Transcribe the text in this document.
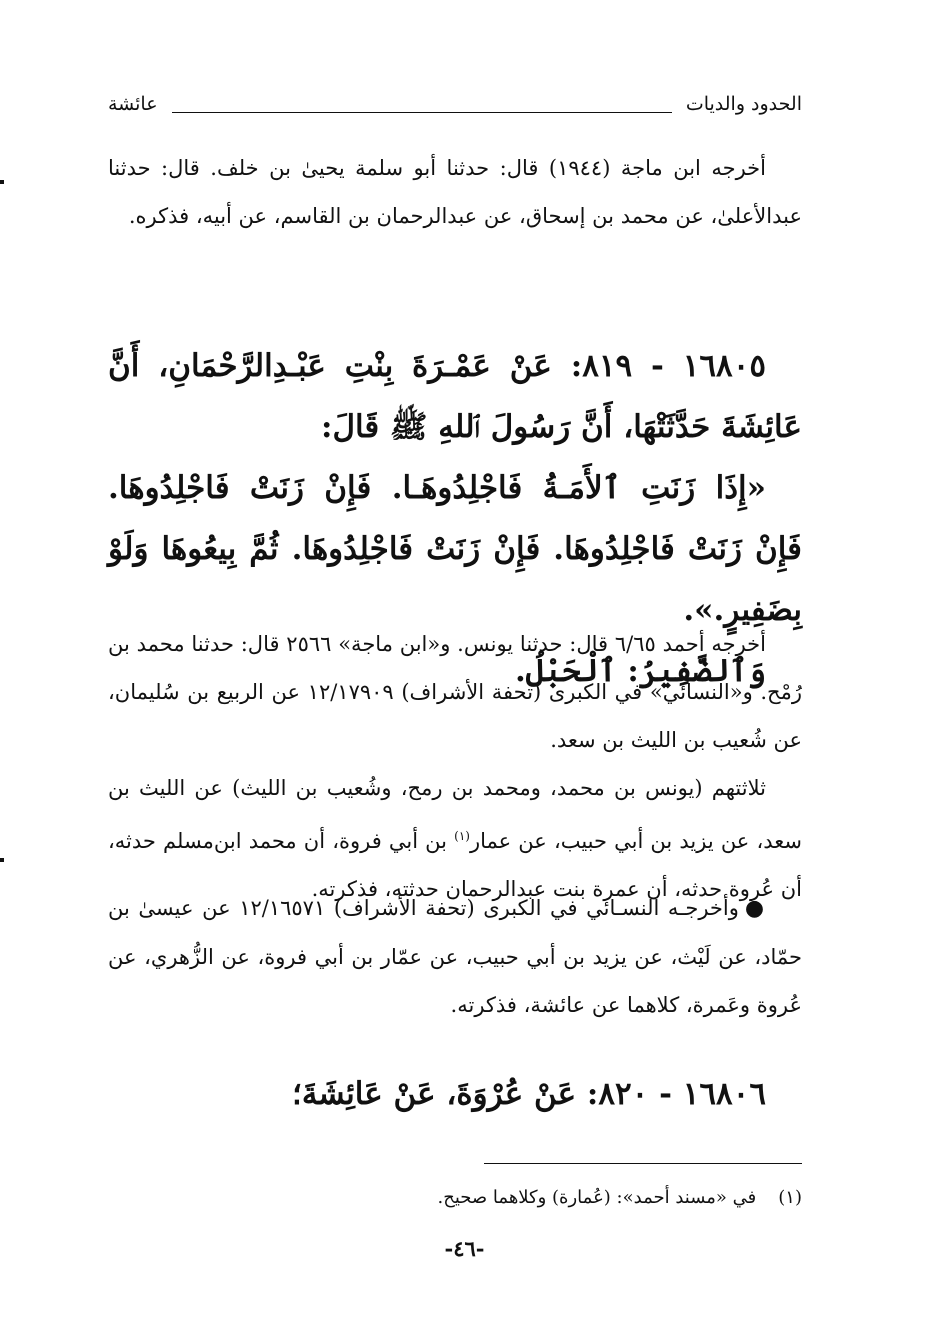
الحدود والديات
عائشة

أخرجه ابن ماجة (١٩٤٤) قال: حدثنا أبو سلمة يحيىٰ بن خلف. قال: حدثنا عبدالأعلىٰ، عن محمد بن إسحاق، عن عبدالرحمان بن القاسم، عن أبيه، فذكره.

١٦٨٠٥ - ٨١٩: عَنْ عَمْـرَةَ بِنْتِ عَبْـدِالرَّحْمَانِ، أَنَّ عَائِشَةَ حَدَّثَتْهَا، أَنَّ رَسُولَ ٱللهِ ﷺ قَالَ:

«إِذَا زَنَتِ ٱلأَمَـةُ فَاجْلِدُوهَـا. فَإِنْ زَنَتْ فَاجْلِدُوهَا. فَإِنْ زَنَتْ فَاجْلِدُوهَا. فَإِنْ زَنَتْ فَاجْلِدُوهَا. ثُمَّ بِيعُوهَا وَلَوْ بِضَفِيرٍ.».

وَٱلضَّفِيرُ: ٱلْحَبْلُ.

أخرجه أحمد ٦/٦٥ قال: حدثنا يونس. و«ابن ماجة» ٢٥٦٦ قال: حدثنا محمد بن رُمْح. و«النسائي» في الكبرى (تحفة الأشراف) ١٢/١٧٩٠٩ عن الربيع بن سُليمان، عن شُعيب بن الليث بن سعد.

ثلاثتهم (يونس بن محمد، ومحمد بن رمح، وشُعيب بن الليث) عن الليث بن سعد، عن يزيد بن أبي حبيب، عن عمار$^{(١)}$ بن أبي فروة، أن محمد ابن‌مسلم حدثه، أن عُروة حدثه، أن عمرة بنت عبدالرحمان حدثته، فذكرته.

●وأخرجـه النسـائي في الكبرى (تحفة الأشراف) ١٢/١٦٥٧١ عن عيسىٰ بن حمّاد، عن لَيْث، عن يزيد بن أبي حبيب، عن عمّار بن أبي فروة، عن الزُّهري، عن عُروة وعَمرة، كلاهما عن عائشة، فذكرته.

١٦٨٠٦ - ٨٢٠: عَنْ عُرْوَةَ، عَنْ عَائِشَةَ؛

(١)في «مسند أحمد»: (عُمارة) وكلاهما صحيح.
-٤٦-
